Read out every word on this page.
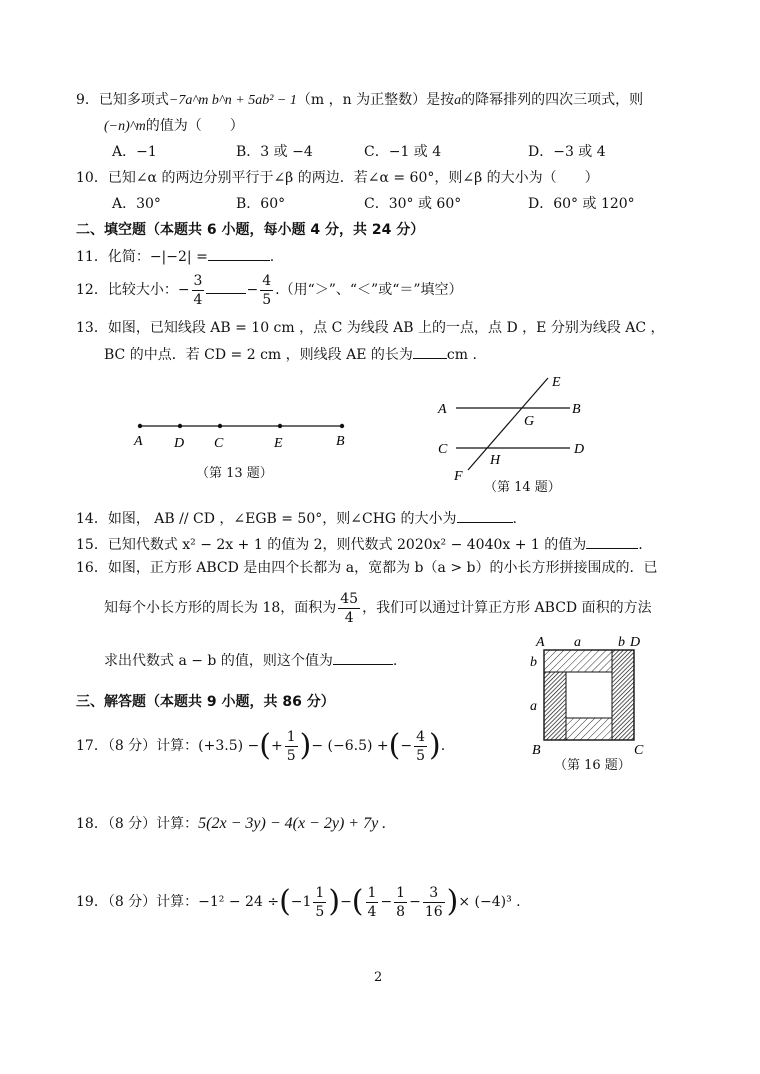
9．已知多项式−7a^m b^n + 5ab² − 1（m ，n 为正整数）是按a的降幂排列的四次三项式，则
(−n)^m的值为（　　）
A．−1	B．3 或 −4	C．−1 或 4	D．−3 或 4
10．已知∠α 的两边分别平行于∠β 的两边．若∠α = 60°，则∠β 的大小为（　　）
A．30°	B．60°	C．30° 或 60°	D．60° 或 120°
二、填空题（本题共 6 小题，每小题 4 分，共 24 分）
11．化简：−|−2| =	.
12．比较大小：− $\frac{3}{4}$	− $\frac{4}{5}$ .（用“＞”、“＜”或“＝”填空）
13．如图，已知线段 AB = 10 cm ，点 C 为线段 AB 上的一点，点 D ，E 分别为线段 AC ，
BC 的中点．若 CD = 2 cm ，则线段 AE 的长为 cm .
A D C	E	B
（第 13 题）
E
A	B
G
C	D
H
F
（第 14 题）
14．如图， AB // CD ，∠EGB = 50°，则∠CHG 的大小为	.
15．已知代数式 x² − 2x + 1 的值为 2，则代数式 2020x² − 4040x + 1 的值为	.
16．如图，正方形 ABCD 是由四个长都为 a，宽都为 b（a > b）的小长方形拼接围成的．已
知每个小长方形的周长为 18，面积为 $\frac{45}{4}$ ，我们可以通过计算正方形 ABCD 面积的方法
求出代数式 a − b 的值，则这个值为	.
A a	b D
b
a
B	C
（第 16 题）
三、解答题（本题共 9 小题，共 86 分）
17．（8 分）计算：(+3.5) −(+ $\frac{1}{5}$ )− (−6.5) +(− $\frac{4}{5}$ ).
18．（8 分）计算：5(2x − 3y) − 4(x − 2y) + 7y .
19．（8 分）计算：$-1^2 - 24 \div(-1 \frac{1}{5}$ )−( $\frac{1}{4} - \frac{1}{8} - \frac{3}{16}$ )× (−4)³ .
2
